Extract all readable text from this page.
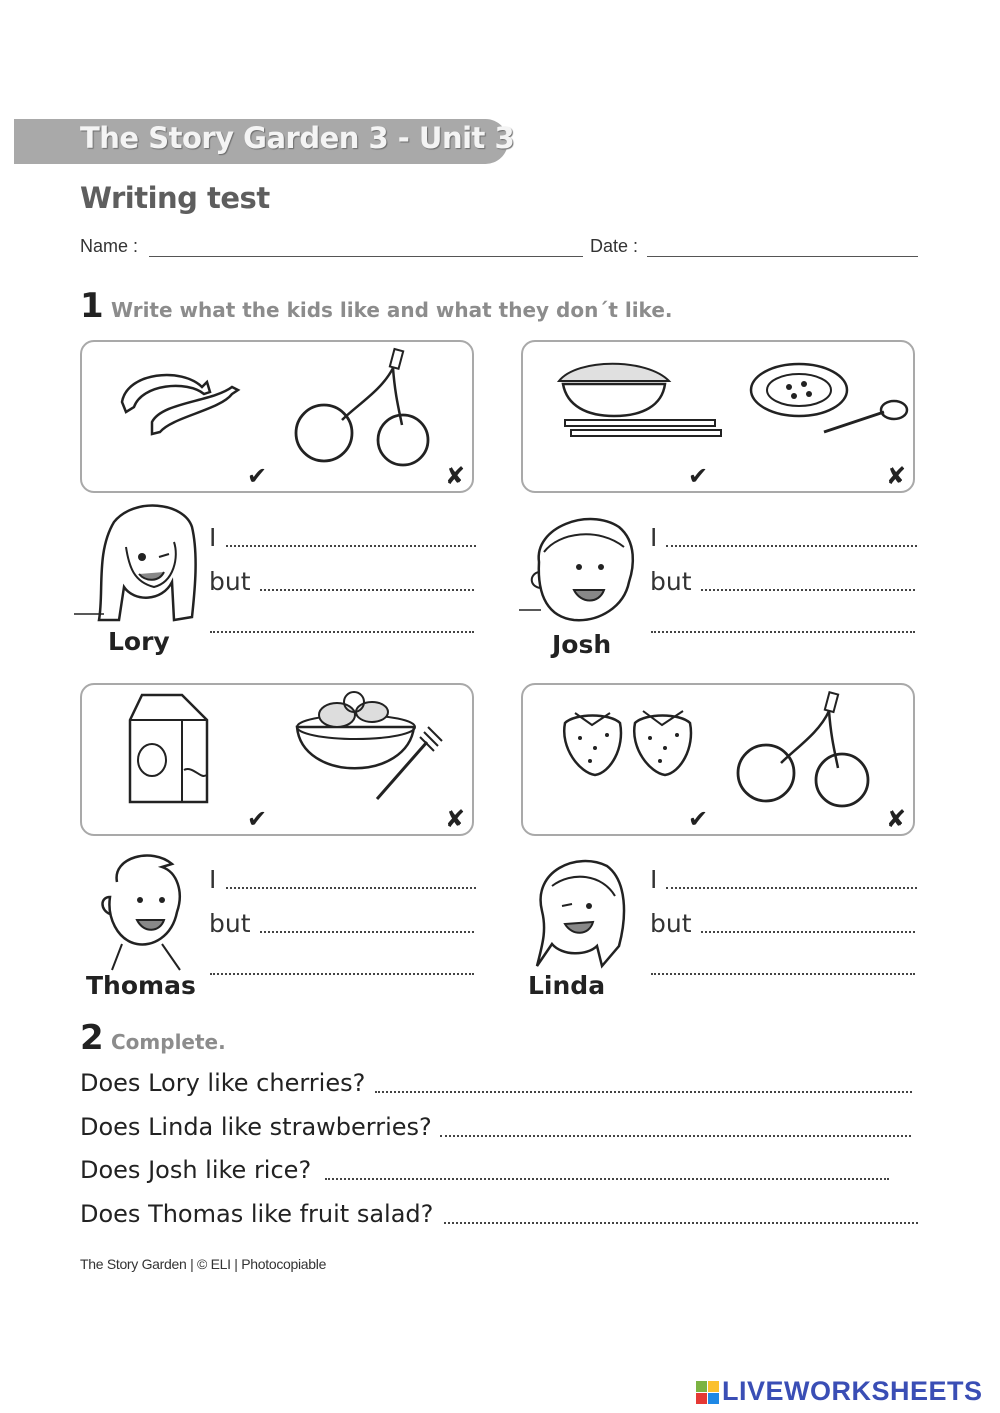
The Story Garden 3 - Unit 3
Writing test
Name :	Date :
1 Write what the kids like and what they don´t like.
✔	✘	✔	✘
Lory
I
but
Josh
I
but
✔	✘	✔	✘
Thomas
I
but
Linda
I
but
2 Complete.
Does Lory like cherries?
Does Linda like strawberries?
Does Josh like rice?
Does Thomas like fruit salad?
The Story Garden | © ELI | Photocopiable
LIVEWORKSHEETS
